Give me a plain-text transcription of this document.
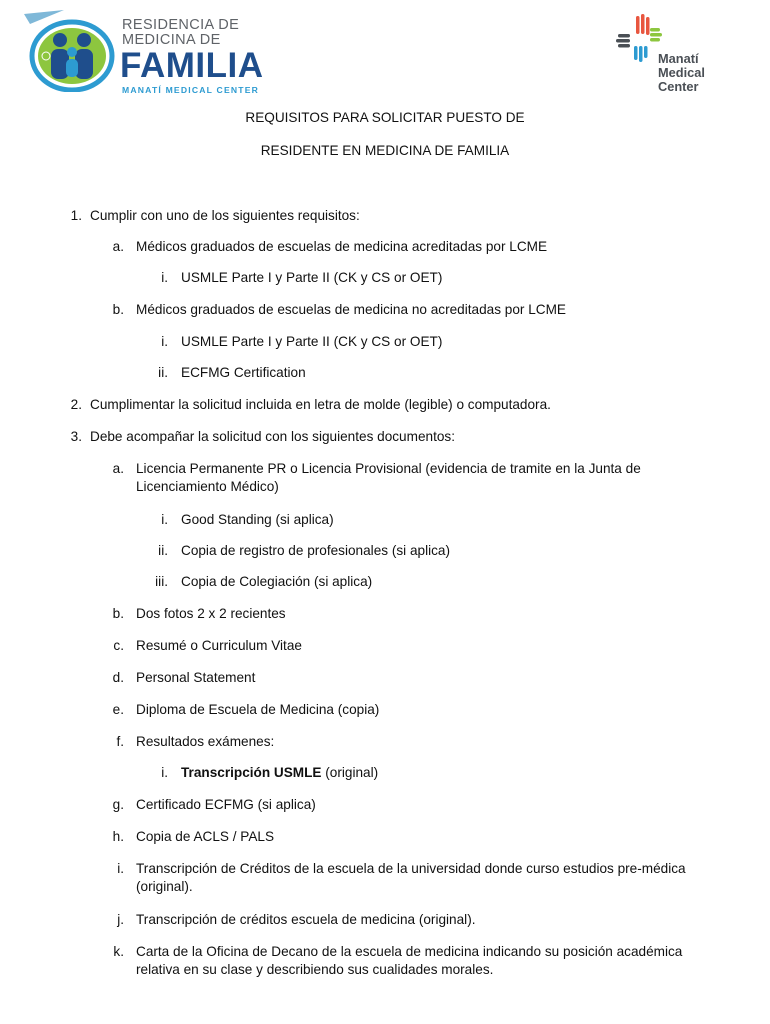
RESIDENCIA DE
MEDICINA DE
FAMILIA
MANATÍ MEDICAL CENTER
Manatí
Medical
Center
REQUISITOS PARA SOLICITAR PUESTO DE
RESIDENTE EN MEDICINA DE FAMILIA
1. Cumplir con uno de los siguientes requisitos:
a. Médicos graduados de escuelas de medicina acreditadas por LCME
i. USMLE Parte I y Parte II (CK y CS or OET)
b. Médicos graduados de escuelas de medicina no acreditadas por LCME
i. USMLE Parte I y Parte II (CK y CS or OET)
ii. ECFMG Certification
2. Cumplimentar la solicitud incluida en letra de molde (legible) o computadora.
3. Debe acompañar la solicitud con los siguientes documentos:
a. Licencia Permanente PR o Licencia Provisional (evidencia de tramite en la Junta de Licenciamiento Médico)
i. Good Standing (si aplica)
ii. Copia de registro de profesionales (si aplica)
iii. Copia de Colegiación (si aplica)
b. Dos fotos 2 x 2 recientes
c. Resumé o Curriculum Vitae
d. Personal Statement
e. Diploma de Escuela de Medicina (copia)
f. Resultados exámenes:
i. Transcripción USMLE (original)
g. Certificado ECFMG (si aplica)
h. Copia de ACLS / PALS
i. Transcripción de Créditos de la escuela de la universidad donde curso estudios pre-médica (original).
j. Transcripción de créditos escuela de medicina (original).
k. Carta de la Oficina de Decano de la escuela de medicina indicando su posición académica relativa en su clase y describiendo sus cualidades morales.
